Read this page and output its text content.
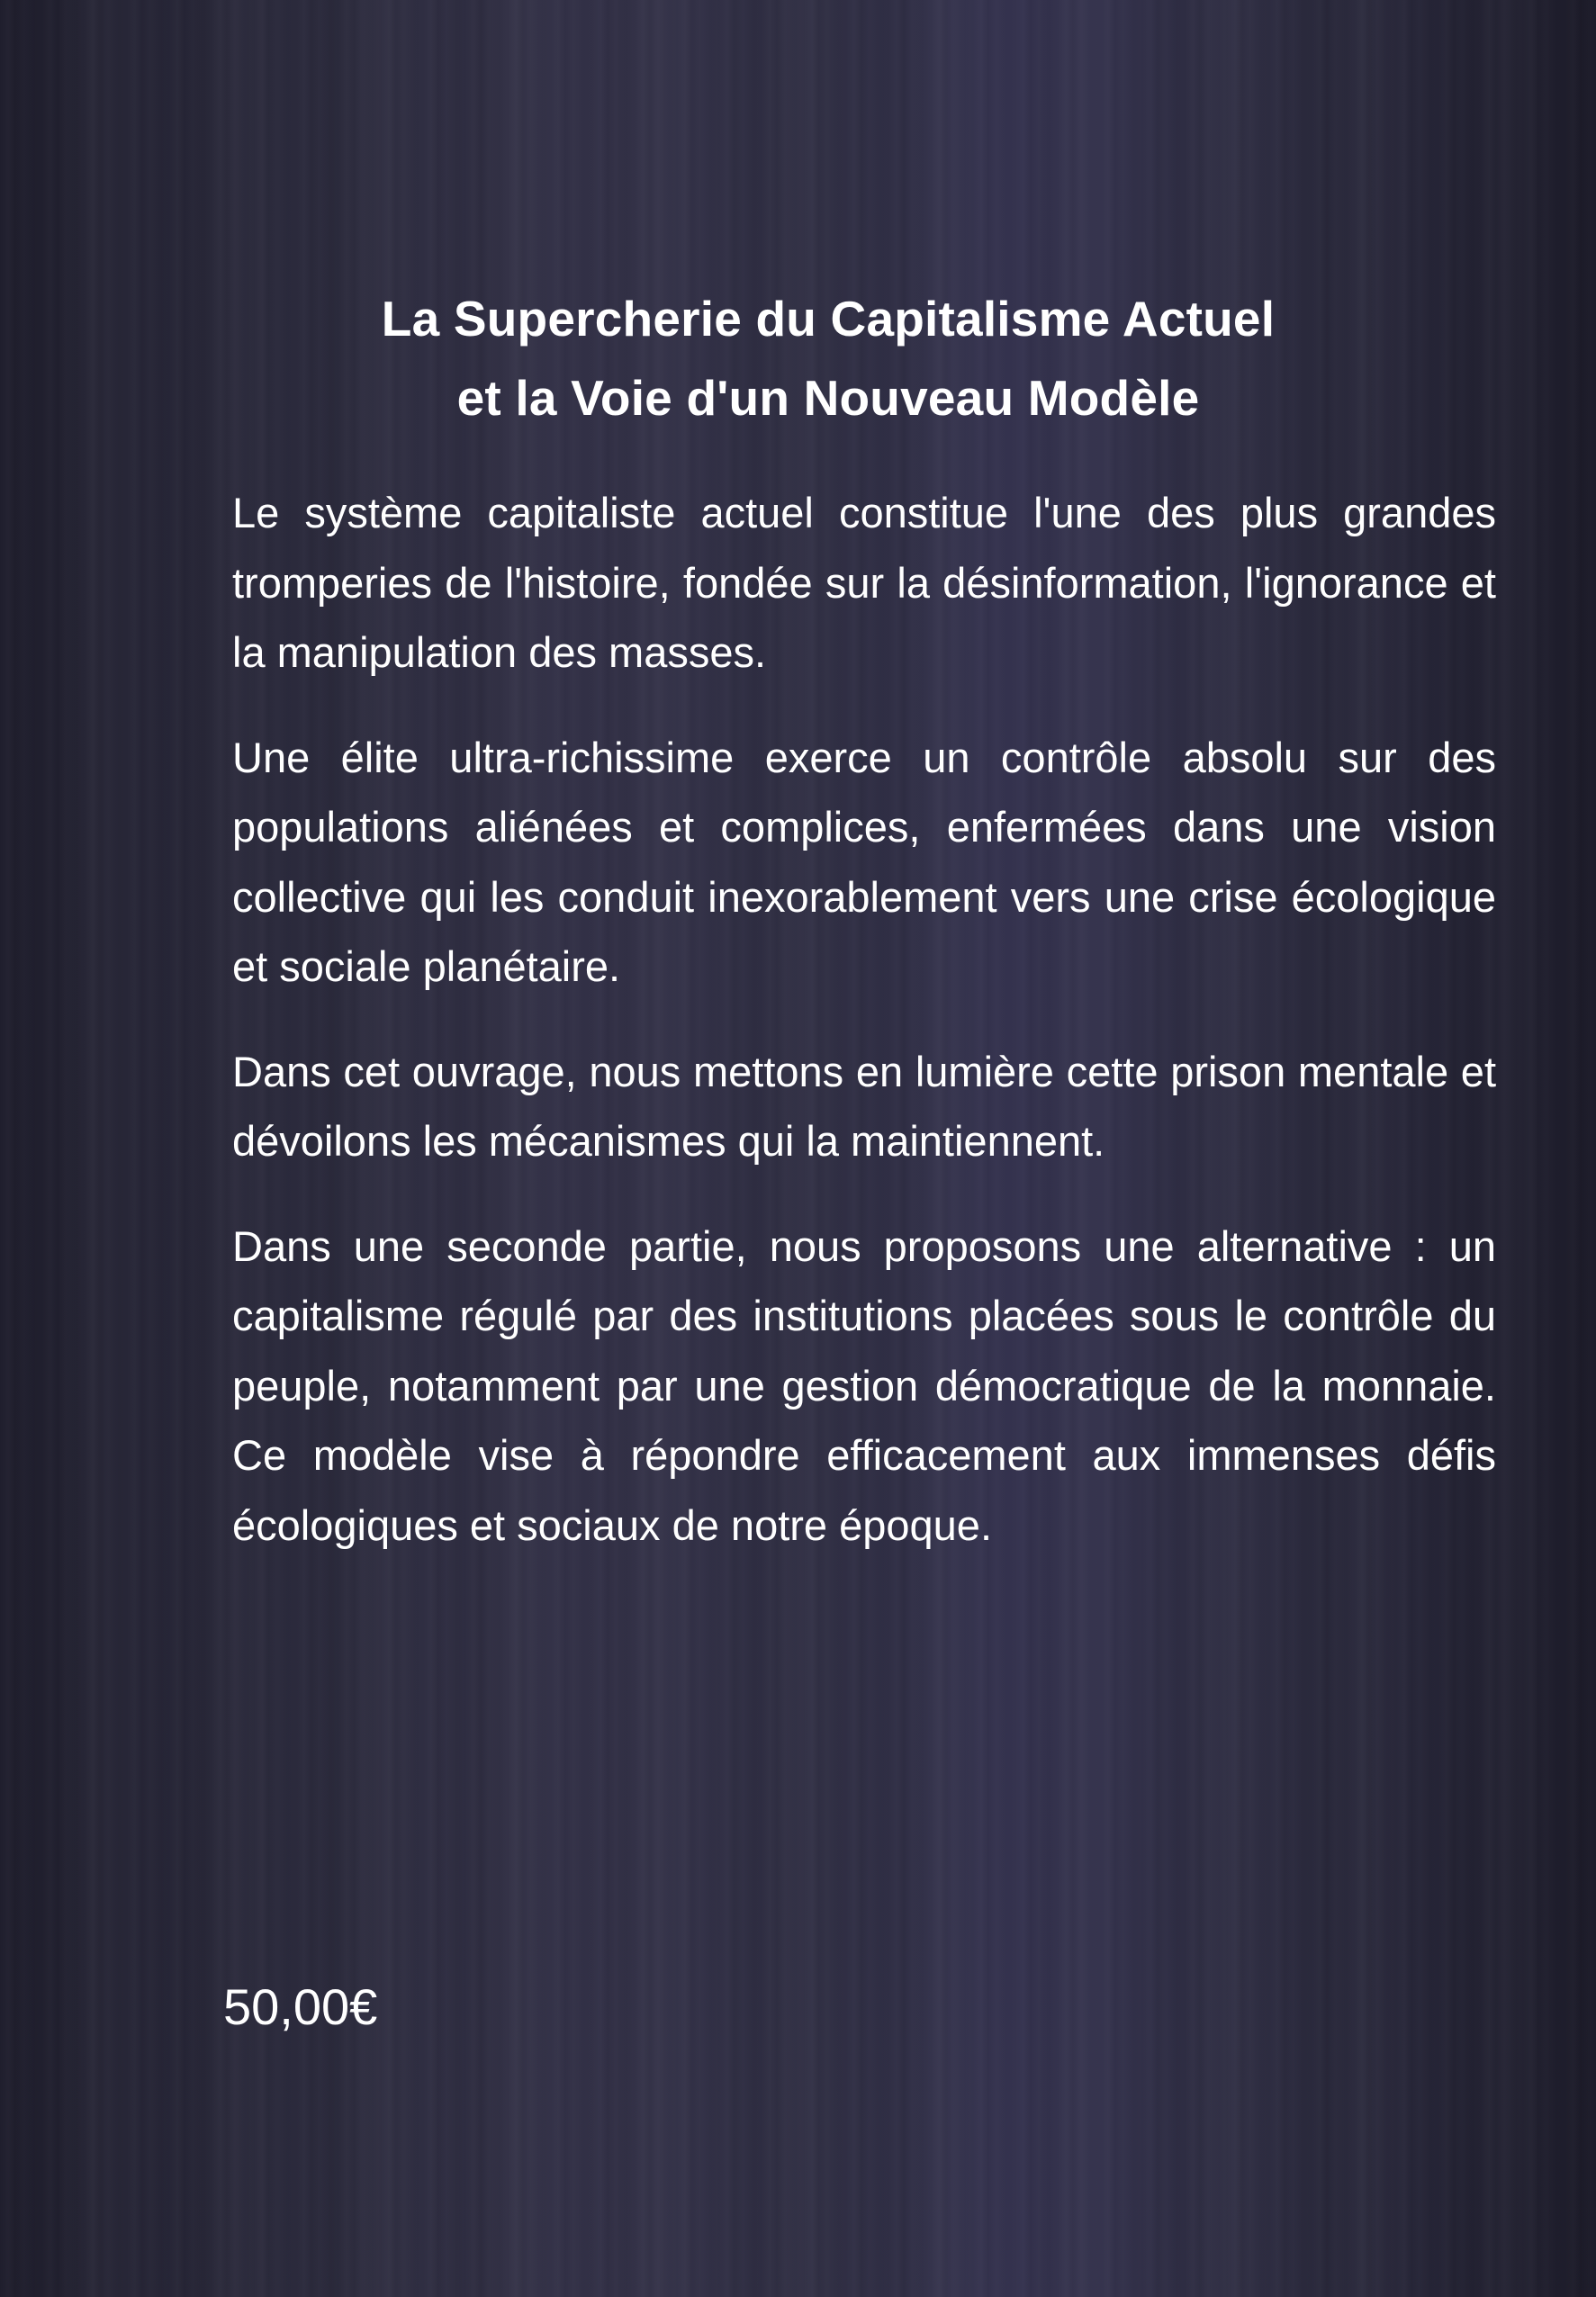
La Supercherie du Capitalisme Actuel
et la Voie d'un Nouveau Modèle

Le système capitaliste actuel constitue l'une des plus grandes tromperies de l'histoire, fondée sur la désinformation, l'ignorance et la manipulation des masses.

Une élite ultra-richissime exerce un contrôle absolu sur des populations aliénées et complices, enfermées dans une vision collective qui les conduit inexorablement vers une crise écologique et sociale planétaire.

Dans cet ouvrage, nous mettons en lumière cette prison mentale et dévoilons les mécanismes qui la maintiennent.

Dans une seconde partie, nous proposons une alternative : un capitalisme régulé par des institutions placées sous le contrôle du peuple, notamment par une gestion démocratique de la monnaie. Ce modèle vise à répondre efficacement aux immenses défis écologiques et sociaux de notre époque.

50,00€
